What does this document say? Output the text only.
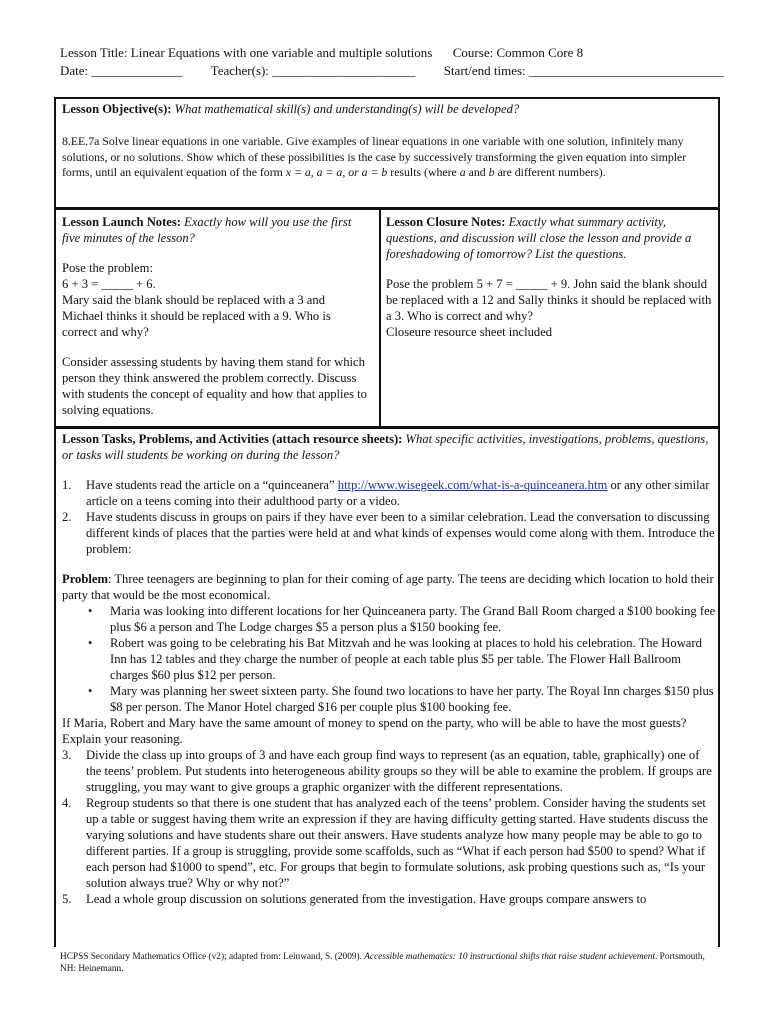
Lesson Title: Linear Equations with one variable and multiple solutions Course: Common Core 8
Date: ______________ Teacher(s): ______________________ Start/end times: ______________________________
Lesson Objective(s): What mathematical skill(s) and understanding(s) will be developed?
8.EE.7a Solve linear equations in one variable. Give examples of linear equations in one variable with one solution, infinitely many solutions, or no solutions. Show which of these possibilities is the case by successively transforming the given equation into simpler forms, until an equivalent equation of the form x = a, a = a, or a = b results (where a and b are different numbers).
Lesson Launch Notes: Exactly how will you use the first five minutes of the lesson?
Pose the problem:
6 + 3 = _____ + 6.
Mary said the blank should be replaced with a 3 and Michael thinks it should be replaced with a 9. Who is correct and why?
Consider assessing students by having them stand for which person they think answered the problem correctly. Discuss with students the concept of equality and how that applies to solving equations.
Lesson Closure Notes: Exactly what summary activity, questions, and discussion will close the lesson and provide a foreshadowing of tomorrow? List the questions.
Pose the problem 5 + 7 = _____ + 9. John said the blank should be replaced with a 12 and Sally thinks it should be replaced with a 3. Who is correct and why?
Closeure resource sheet included
Lesson Tasks, Problems, and Activities (attach resource sheets): What specific activities, investigations, problems, questions, or tasks will students be working on during the lesson?
1. Have students read the article on a “quinceanera” http://www.wisegeek.com/what-is-a-quinceanera.htm or any other similar article on a teens coming into their adulthood party or a video.
2. Have students discuss in groups on pairs if they have ever been to a similar celebration. Lead the conversation to discussing different kinds of places that the parties were held at and what kinds of expenses would come along with them. Introduce the problem:
Problem: Three teenagers are beginning to plan for their coming of age party. The teens are deciding which location to hold their party that would be the most economical.
• Maria was looking into different locations for her Quinceanera party. The Grand Ball Room charged a $100 booking fee plus $6 a person and The Lodge charges $5 a person plus a $150 booking fee.
• Robert was going to be celebrating his Bat Mitzvah and he was looking at places to hold his celebration. The Howard Inn has 12 tables and they charge the number of people at each table plus $5 per table. The Flower Hall Ballroom charges $60 plus $12 per person.
• Mary was planning her sweet sixteen party. She found two locations to have her party. The Royal Inn charges $150 plus $8 per person. The Manor Hotel charged $16 per couple plus $100 booking fee.
If Maria, Robert and Mary have the same amount of money to spend on the party, who will be able to have the most guests? Explain your reasoning.
3. Divide the class up into groups of 3 and have each group find ways to represent (as an equation, table, graphically) one of the teens’ problem. Put students into heterogeneous ability groups so they will be able to examine the problem. If groups are struggling, you may want to give groups a graphic organizer with the different representations.
4. Regroup students so that there is one student that has analyzed each of the teens’ problem. Consider having the students set up a table or suggest having them write an expression if they are having difficulty getting started. Have students discuss the varying solutions and have students share out their answers. Have students analyze how many people may be able to go to different parties. If a group is struggling, provide some scaffolds, such as “What if each person had $500 to spend? What if each person had $1000 to spend”, etc. For groups that begin to formulate solutions, ask probing questions such as, “Is your solution always true? Why or why not?”
5. Lead a whole group discussion on solutions generated from the investigation. Have groups compare answers to
HCPSS Secondary Mathematics Office (v2); adapted from: Leinwand, S. (2009). Accessible mathematics: 10 instructional shifts that raise student achievement. Portsmouth, NH: Heinemann.
